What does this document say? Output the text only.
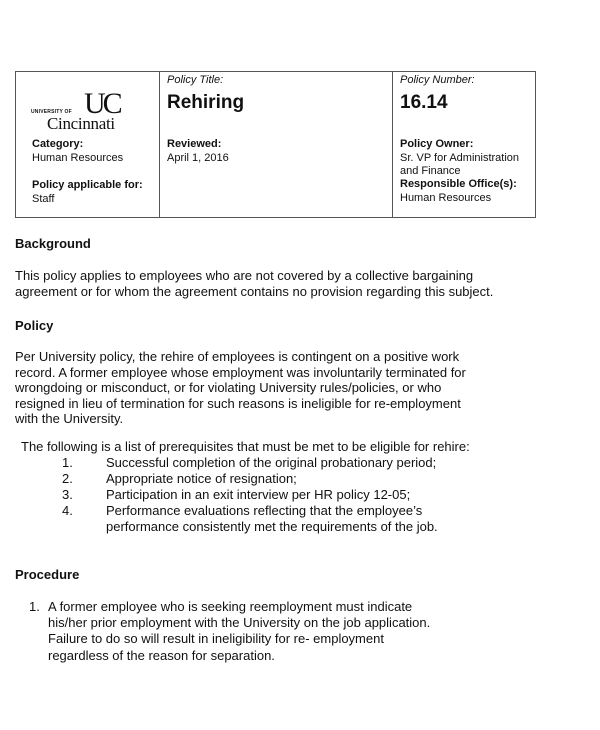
UC
UNIVERSITY OF
Cincinnati
Category:
Human Resources
Policy applicable for:
Staff
Policy Title:
Rehiring
Reviewed:
April 1, 2016
Policy Number:
16.14
Policy Owner:
Sr. VP for Administration
and Finance
Responsible Office(s):
Human Resources
Background
This policy applies to employees who are not covered by a collective bargaining
agreement or for whom the agreement contains no provision regarding this subject.
Policy
Per University policy, the rehire of employees is contingent on a positive work
record. A former employee whose employment was involuntarily terminated for
wrongdoing or misconduct, or for violating University rules/policies, or who
resigned in lieu of termination for such reasons is ineligible for re-employment
with the University.
The following is a list of prerequisites that must be met to be eligible for rehire:
1.	Successful completion of the original probationary period;
2.	Appropriate notice of resignation;
3.	Participation in an exit interview per HR policy 12-05;
4.	Performance evaluations reflecting that the employee’s
performance consistently met the requirements of the job.
Procedure
1. A former employee who is seeking reemployment must indicate
his/her prior employment with the University on the job application.
Failure to do so will result in ineligibility for re- employment
regardless of the reason for separation.
